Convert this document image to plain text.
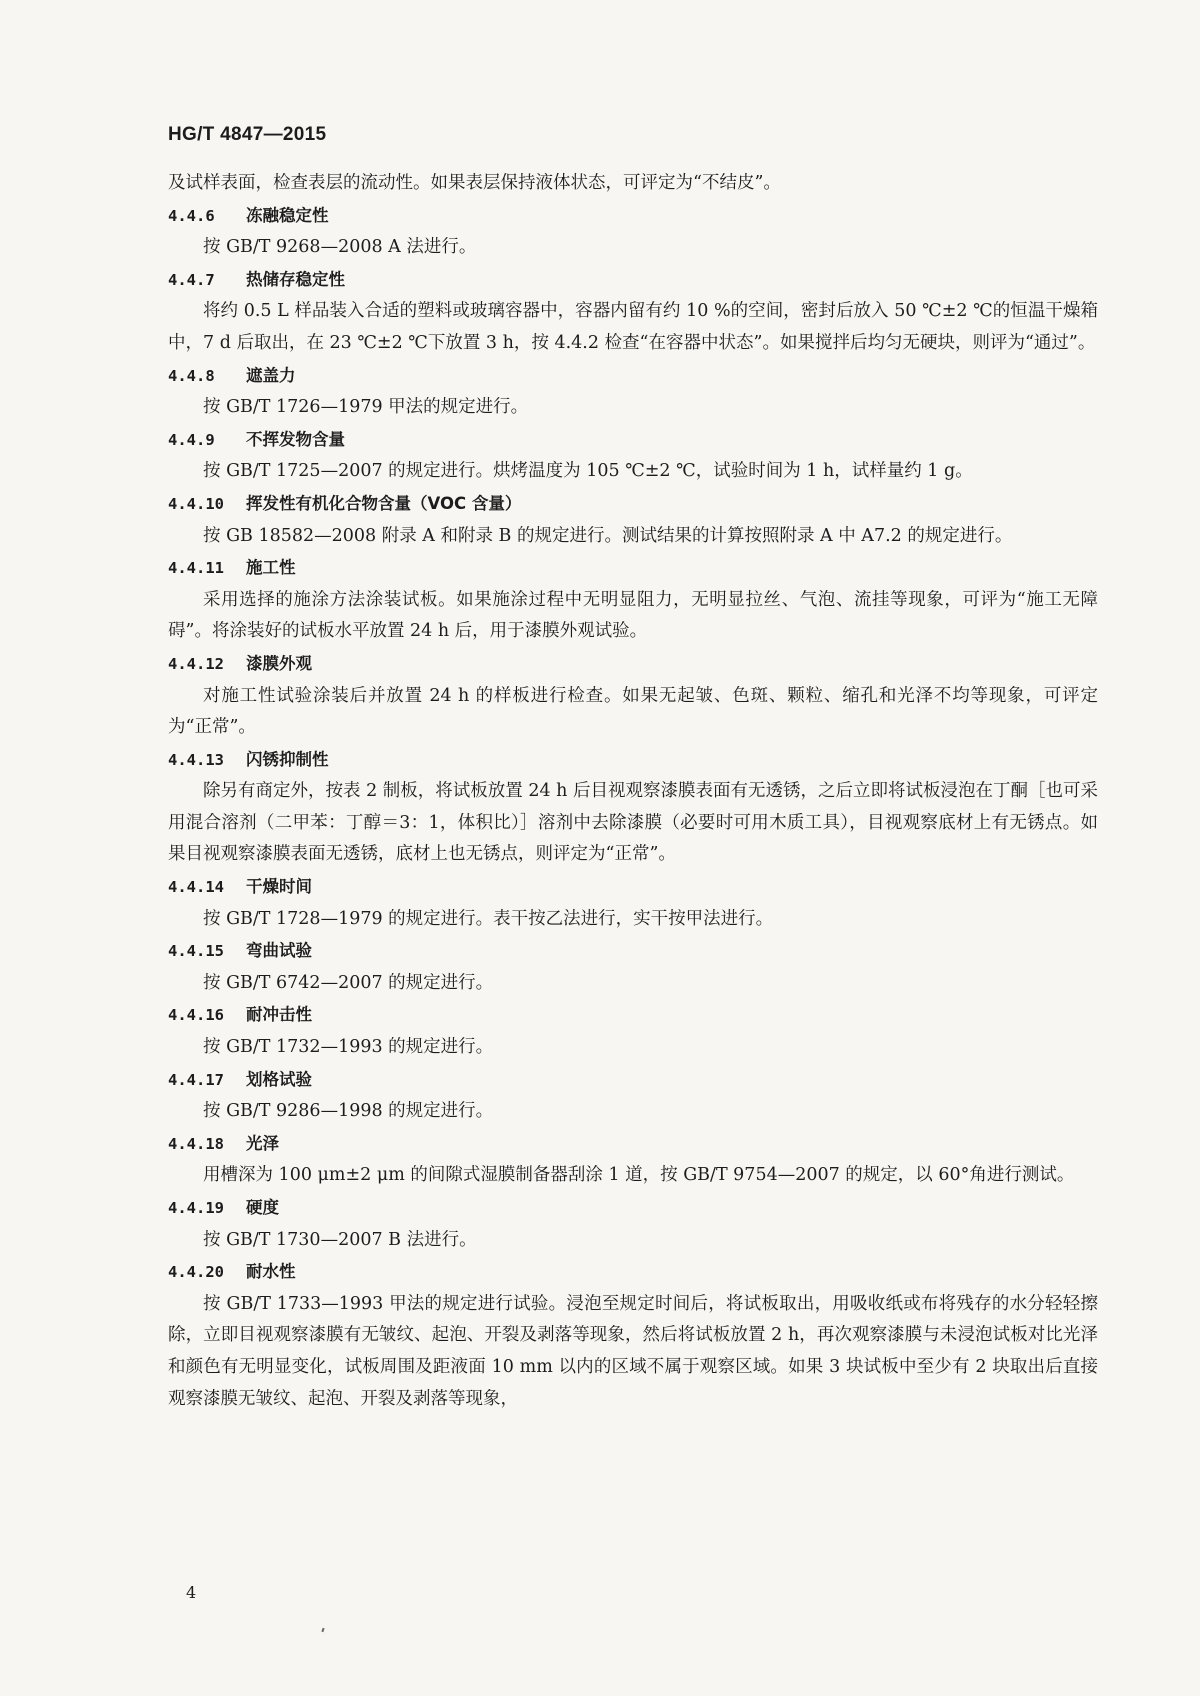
HG/T 4847—2015

及试样表面，检查表层的流动性。如果表层保持液体状态，可评定为“不结皮”。

4.4.6 冻融稳定性

按 GB/T 9268—2008 A 法进行。

4.4.7 热储存稳定性

将约 0.5 L 样品装入合适的塑料或玻璃容器中，容器内留有约 10 %的空间，密封后放入 50 ℃±2 ℃的恒温干燥箱中，7 d 后取出，在 23 ℃±2 ℃下放置 3 h，按 4.4.2 检查“在容器中状态”。如果搅拌后均匀无硬块，则评为“通过”。

4.4.8 遮盖力

按 GB/T 1726—1979 甲法的规定进行。

4.4.9 不挥发物含量

按 GB/T 1725—2007 的规定进行。烘烤温度为 105 ℃±2 ℃，试验时间为 1 h，试样量约 1 g。

4.4.10 挥发性有机化合物含量（VOC 含量）

按 GB 18582—2008 附录 A 和附录 B 的规定进行。测试结果的计算按照附录 A 中 A7.2 的规定进行。

4.4.11 施工性

采用选择的施涂方法涂装试板。如果施涂过程中无明显阻力，无明显拉丝、气泡、流挂等现象，可评为“施工无障碍”。将涂装好的试板水平放置 24 h 后，用于漆膜外观试验。

4.4.12 漆膜外观

对施工性试验涂装后并放置 24 h 的样板进行检查。如果无起皱、色斑、颗粒、缩孔和光泽不均等现象，可评定为“正常”。

4.4.13 闪锈抑制性

除另有商定外，按表 2 制板，将试板放置 24 h 后目视观察漆膜表面有无透锈，之后立即将试板浸泡在丁酮［也可采用混合溶剂（二甲苯：丁醇＝3：1，体积比）］溶剂中去除漆膜（必要时可用木质工具），目视观察底材上有无锈点。如果目视观察漆膜表面无透锈，底材上也无锈点，则评定为“正常”。

4.4.14 干燥时间

按 GB/T 1728—1979 的规定进行。表干按乙法进行，实干按甲法进行。

4.4.15 弯曲试验

按 GB/T 6742—2007 的规定进行。

4.4.16 耐冲击性

按 GB/T 1732—1993 的规定进行。

4.4.17 划格试验

按 GB/T 9286—1998 的规定进行。

4.4.18 光泽

用槽深为 100 μm±2 μm 的间隙式湿膜制备器刮涂 1 道，按 GB/T 9754—2007 的规定，以 60°角进行测试。

4.4.19 硬度

按 GB/T 1730—2007 B 法进行。

4.4.20 耐水性

按 GB/T 1733—1993 甲法的规定进行试验。浸泡至规定时间后，将试板取出，用吸收纸或布将残存的水分轻轻擦除，立即目视观察漆膜有无皱纹、起泡、开裂及剥落等现象，然后将试板放置 2 h，再次观察漆膜与未浸泡试板对比光泽和颜色有无明显变化，试板周围及距液面 10 mm 以内的区域不属于观察区域。如果 3 块试板中至少有 2 块取出后直接观察漆膜无皱纹、起泡、开裂及剥落等现象，

4
